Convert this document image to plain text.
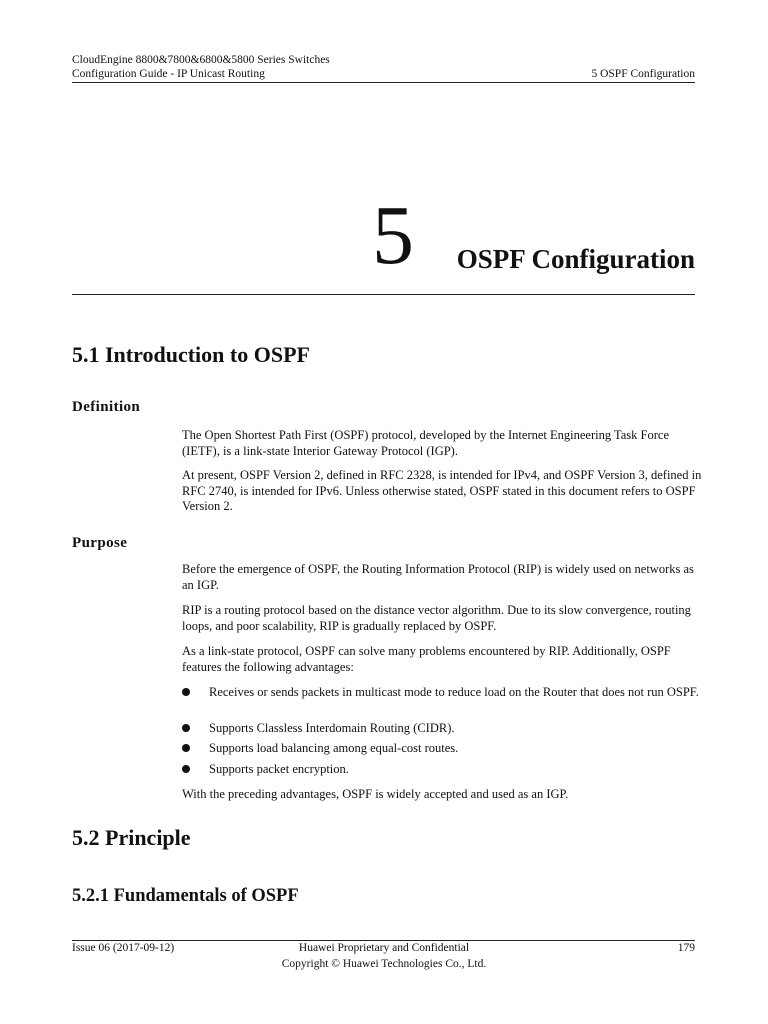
CloudEngine 8800&7800&6800&5800 Series Switches
Configuration Guide - IP Unicast Routing	5 OSPF Configuration
5 OSPF Configuration
5.1 Introduction to OSPF
Definition
The Open Shortest Path First (OSPF) protocol, developed by the Internet Engineering Task Force (IETF), is a link-state Interior Gateway Protocol (IGP).
At present, OSPF Version 2, defined in RFC 2328, is intended for IPv4, and OSPF Version 3, defined in RFC 2740, is intended for IPv6. Unless otherwise stated, OSPF stated in this document refers to OSPF Version 2.
Purpose
Before the emergence of OSPF, the Routing Information Protocol (RIP) is widely used on networks as an IGP.
RIP is a routing protocol based on the distance vector algorithm. Due to its slow convergence, routing loops, and poor scalability, RIP is gradually replaced by OSPF.
As a link-state protocol, OSPF can solve many problems encountered by RIP. Additionally, OSPF features the following advantages:
Receives or sends packets in multicast mode to reduce load on the Router that does not run OSPF.
Supports Classless Interdomain Routing (CIDR).
Supports load balancing among equal-cost routes.
Supports packet encryption.
With the preceding advantages, OSPF is widely accepted and used as an IGP.
5.2 Principle
5.2.1 Fundamentals of OSPF
Issue 06 (2017-09-12)	Huawei Proprietary and Confidential
Copyright © Huawei Technologies Co., Ltd.
179
